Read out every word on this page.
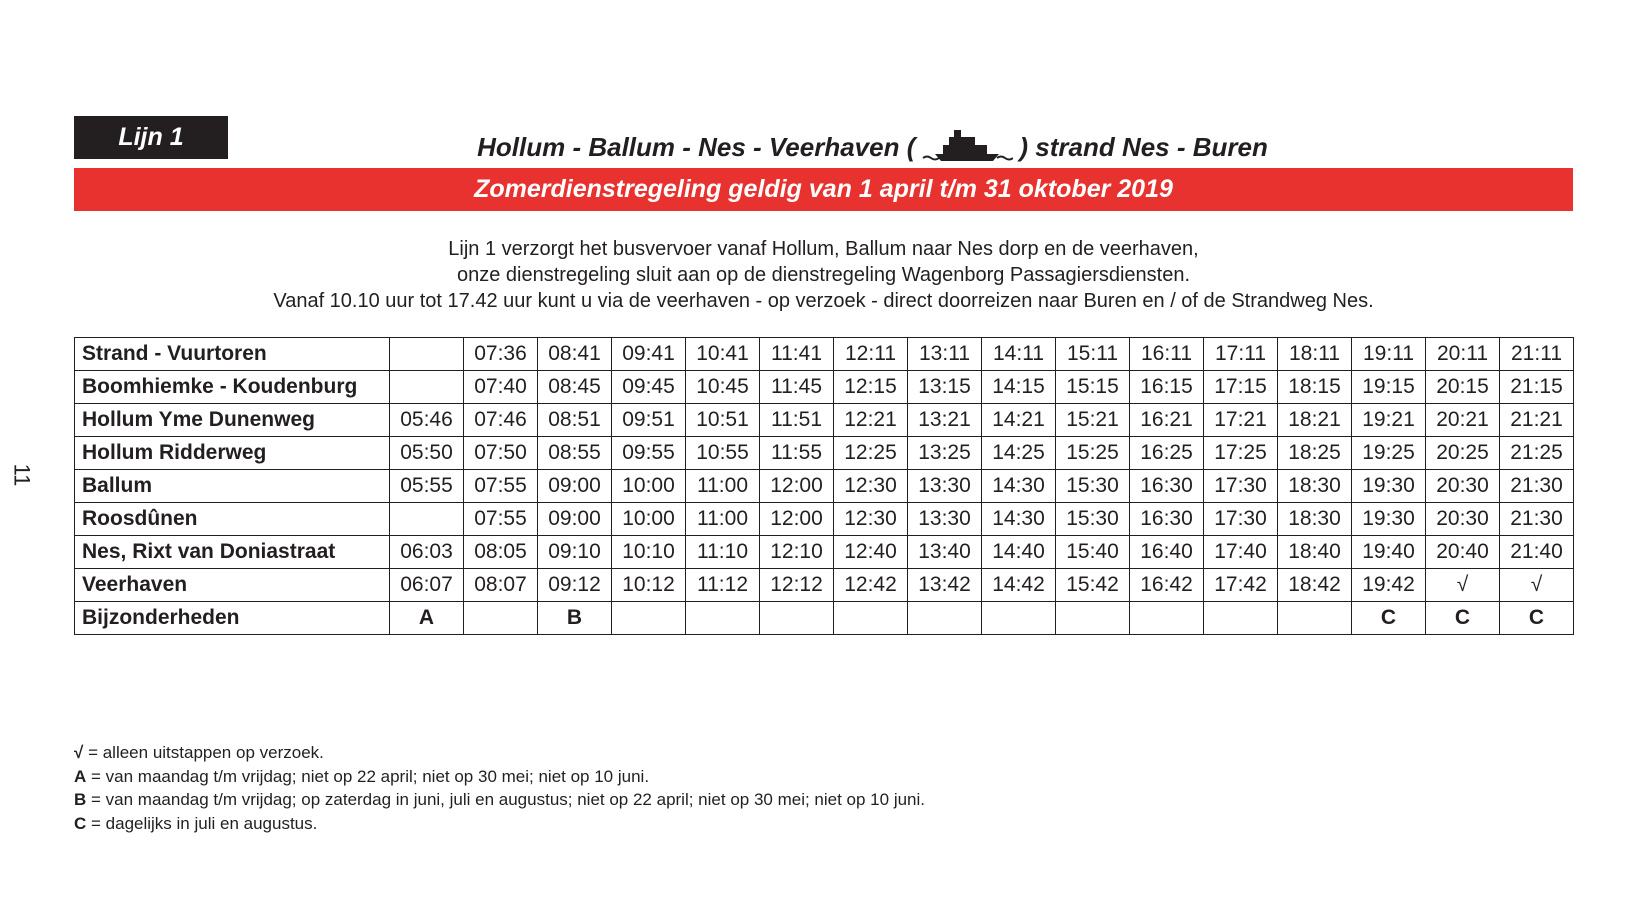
Lijn 1	Hollum - Ballum - Nes - Veerhaven (	) strand Nes - Buren
Zomerdienstregeling geldig van 1 april t/m 31 oktober 2019
Lijn 1 verzorgt het busvervoer vanaf Hollum, Ballum naar Nes dorp en de veerhaven,
onze dienstregeling sluit aan op de dienstregeling Wagenborg Passagiersdiensten.
Vanaf 10.10 uur tot 17.42 uur kunt u via de veerhaven - op verzoek - direct doorreizen naar Buren en / of de Strandweg Nes.
11
Strand - Vuurtoren		07:36	08:41	09:41	10:41	11:41	12:11	13:11	14:11	15:11	16:11	17:11	18:11	19:11	20:11	21:11
Boomhiemke - Koudenburg		07:40	08:45	09:45	10:45	11:45	12:15	13:15	14:15	15:15	16:15	17:15	18:15	19:15	20:15	21:15
Hollum Yme Dunenweg	05:46	07:46	08:51	09:51	10:51	11:51	12:21	13:21	14:21	15:21	16:21	17:21	18:21	19:21	20:21	21:21
Hollum Ridderweg	05:50	07:50	08:55	09:55	10:55	11:55	12:25	13:25	14:25	15:25	16:25	17:25	18:25	19:25	20:25	21:25
Ballum	05:55	07:55	09:00	10:00	11:00	12:00	12:30	13:30	14:30	15:30	16:30	17:30	18:30	19:30	20:30	21:30
Roosdûnen		07:55	09:00	10:00	11:00	12:00	12:30	13:30	14:30	15:30	16:30	17:30	18:30	19:30	20:30	21:30
Nes, Rixt van Doniastraat	06:03	08:05	09:10	10:10	11:10	12:10	12:40	13:40	14:40	15:40	16:40	17:40	18:40	19:40	20:40	21:40
Veerhaven	06:07	08:07	09:12	10:12	11:12	12:12	12:42	13:42	14:42	15:42	16:42	17:42	18:42	19:42	√	√
Bijzonderheden	A		B											C	C	C
√ = alleen uitstappen op verzoek.
A = van maandag t/m vrijdag; niet op 22 april; niet op 30 mei; niet op 10 juni.
B = van maandag t/m vrijdag; op zaterdag in juni, juli en augustus; niet op 22 april; niet op 30 mei; niet op 10 juni.
C = dagelijks in juli en augustus.
